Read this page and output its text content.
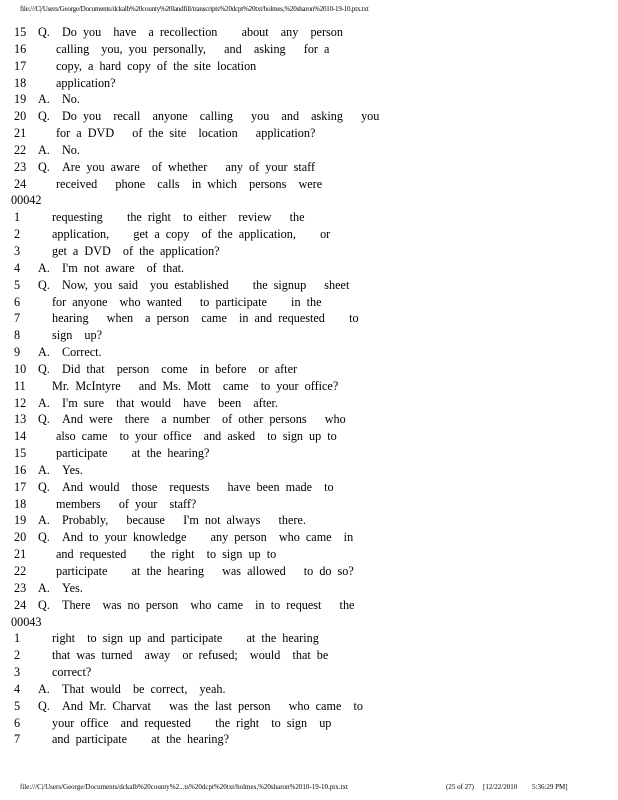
file:///C|/Users/George/Documents/dckalb%20county%20landfill/transcripts%20dcpt%20txt/holmes,%20sharon%2010-19-10.ptx.txt
15 Q. Do you  have  a recollection    about  any  person
16 calling  you, you personally,   and  asking   for a
17 copy, a hard copy of the site location
18 application?
19 A. No.
20 Q. Do you  recall  anyone  calling   you  and  asking   you
21 for a DVD   of the site  location   application?
22 A. No.
23 Q. Are you aware  of whether   any of your staff
24 received   phone  calls  in which  persons  were
00042
1	requesting    the right  to either  review   the
2	application,    get a copy  of the application,    or
3	get a DVD  of the application?
4	A. I'm not aware  of that.
5	Q. Now, you said  you established    the signup   sheet
6	for anyone  who wanted   to participate    in the
7	hearing   when  a person  came  in and requested    to
8	sign  up?
9	A. Correct.
10 Q. Did that  person  come  in before  or after
11 Mr. McIntyre   and Ms. Mott  came  to your office?
12 A. I'm sure  that would  have  been  after.
13 Q. And were  there  a number  of other persons   who
14 also came  to your office  and asked  to sign up to
15 participate    at the hearing?
16 A. Yes.
17 Q. And would  those  requests   have been made  to
18 members   of your  staff?
19 A. Probably,   because   I'm not always   there.
20 Q. And to your knowledge    any person  who came  in
21 and requested    the right  to sign up to
22 participate    at the hearing   was allowed   to do so?
23 A. Yes.
24 Q. There  was no person  who came  in to request   the
00043
1	right  to sign up and participate    at the hearing
2	that was turned  away  or refused;  would  that be
3	correct?
4	A. That would  be correct,  yeah.
5	Q. And Mr. Charvat   was the last person   who came  to
6	your office  and requested    the right  to sign  up
7	and participate    at the hearing?
file:///C|/Users/George/Documents/dckalb%20county%2...ts%20dcpt%20txt/holmes,%20sharon%2010-19-10.ptx.txt	(25 of 27) [12/22/2010 5:36:29 PM]
